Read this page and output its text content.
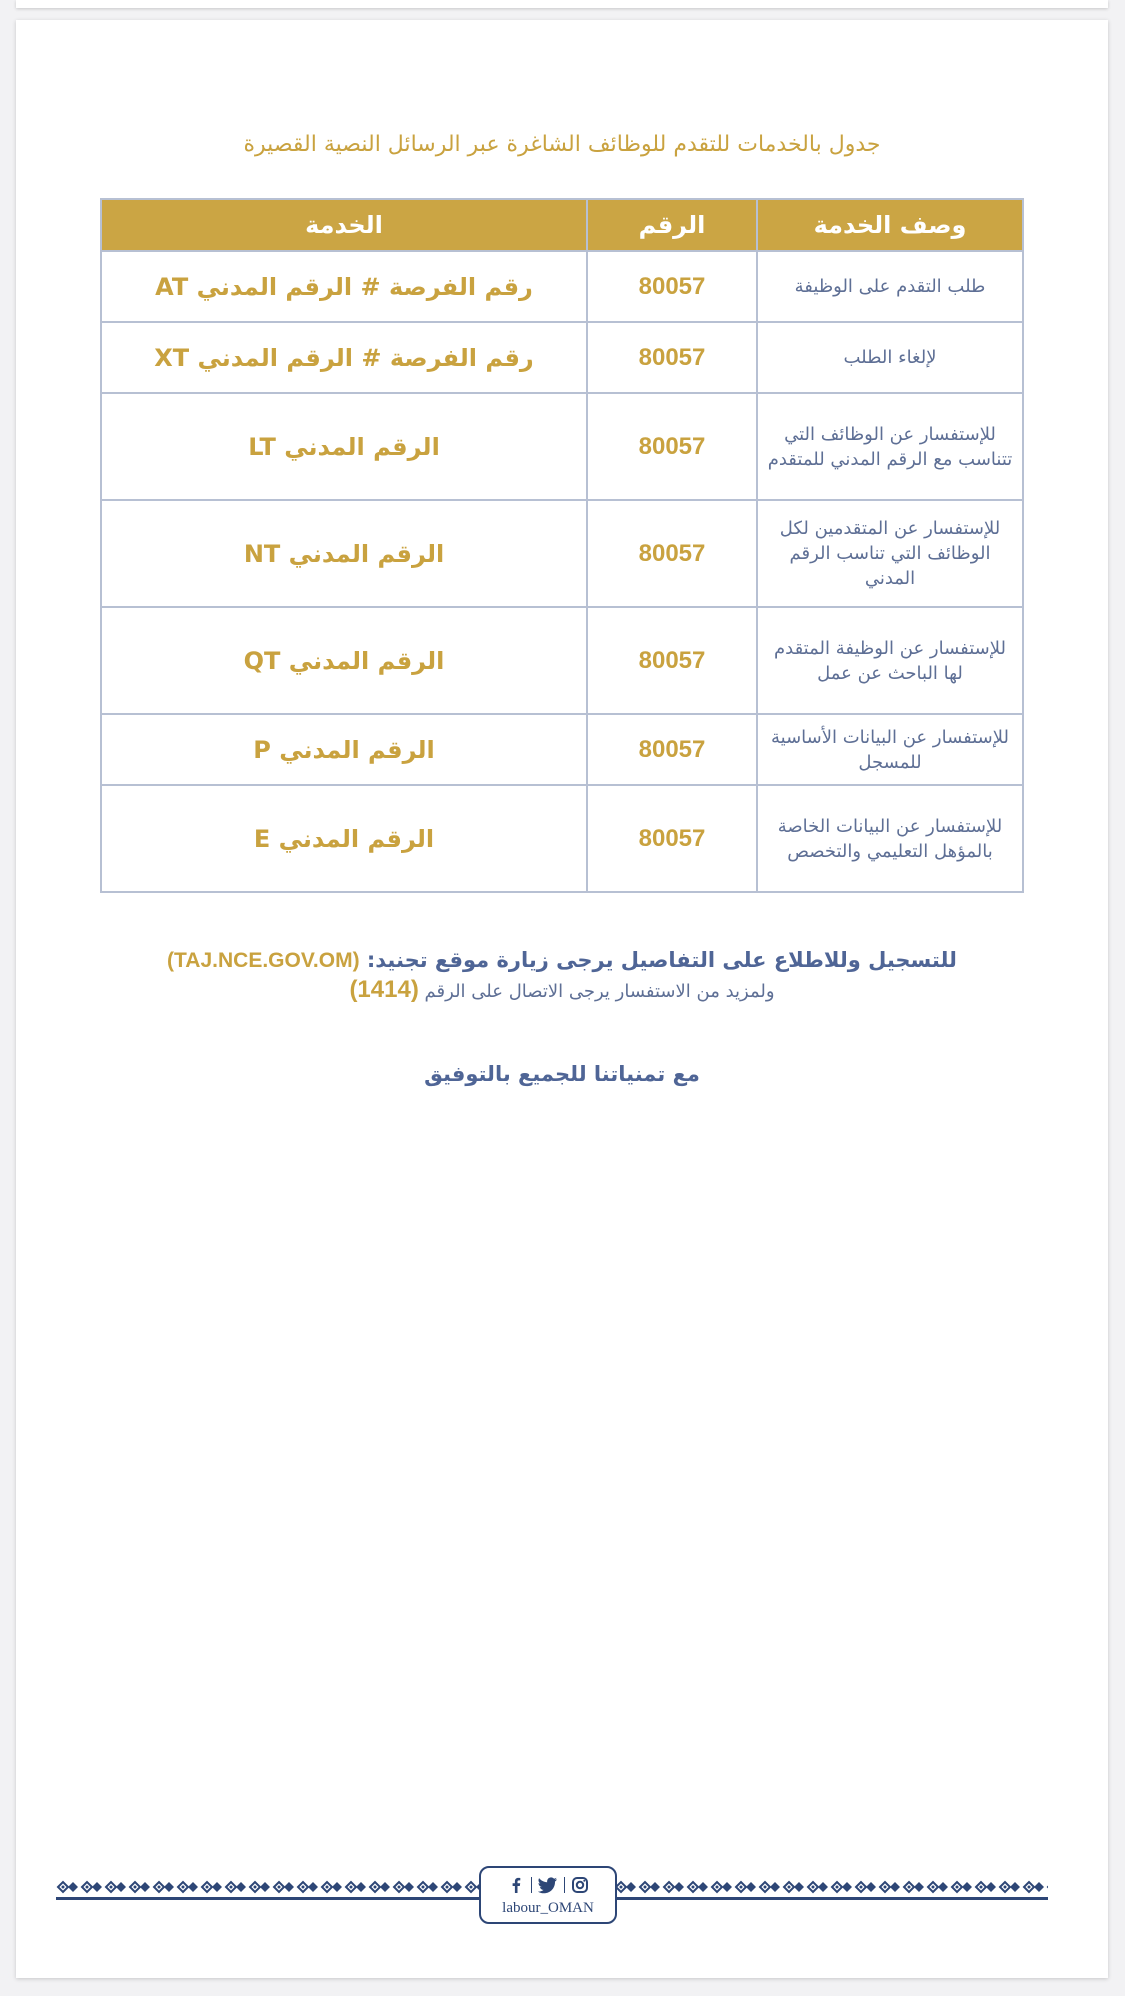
جدول بالخدمات للتقدم للوظائف الشاغرة عبر الرسائل النصية القصيرة
وصف الخدمة	الرقم	الخدمة
طلب التقدم على الوظيفة	80057	رقم الفرصة # الرقم المدني AT
لإلغاء الطلب	80057	رقم الفرصة # الرقم المدني XT
للإستفسار عن الوظائف التي تتناسب مع الرقم المدني للمتقدم	80057	الرقم المدني LT
للإستفسار عن المتقدمين لكل الوظائف التي تناسب الرقم المدني	80057	الرقم المدني NT
للإستفسار عن الوظيفة المتقدم لها الباحث عن عمل	80057	الرقم المدني QT
للإستفسار عن البيانات الأساسية للمسجل	80057	الرقم المدني P
للإستفسار عن البيانات الخاصة بالمؤهل التعليمي والتخصص	80057	الرقم المدني E
للتسجيل وللاطلاع على التفاصيل يرجى زيارة موقع تجنيد: (TAJ.NCE.GOV.OM)
ولمزيد من الاستفسار يرجى الاتصال على الرقم (1414)
مع تمنياتنا للجميع بالتوفيق
labour_OMAN
